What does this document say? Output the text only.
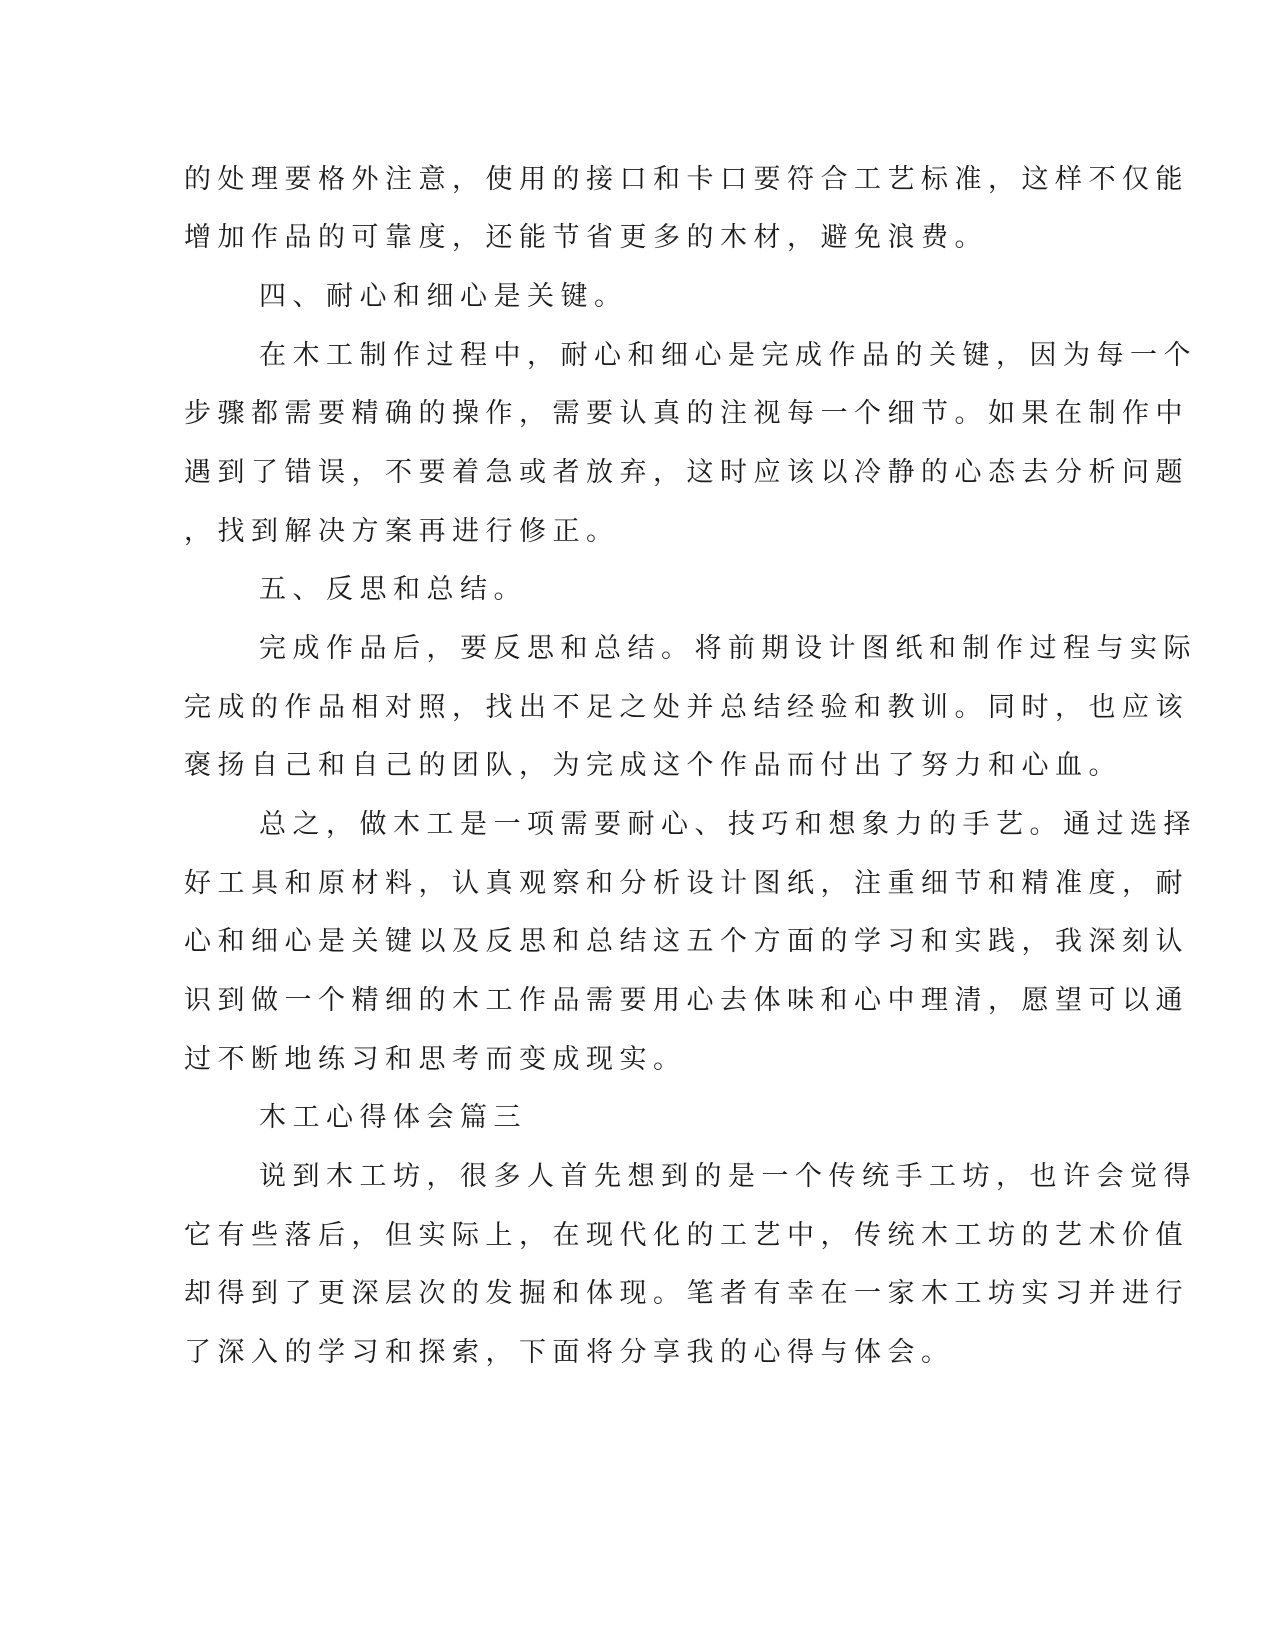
的处理要格外注意，使用的接口和卡口要符合工艺标准，这样不仅能

增加作品的可靠度，还能节省更多的木材，避免浪费。

四、耐心和细心是关键。

在木工制作过程中，耐心和细心是完成作品的关键，因为每一个

步骤都需要精确的操作，需要认真的注视每一个细节。如果在制作中

遇到了错误，不要着急或者放弃，这时应该以冷静的心态去分析问题

，找到解决方案再进行修正。

五、反思和总结。

完成作品后，要反思和总结。将前期设计图纸和制作过程与实际

完成的作品相对照，找出不足之处并总结经验和教训。同时，也应该

褒扬自己和自己的团队，为完成这个作品而付出了努力和心血。

总之，做木工是一项需要耐心、技巧和想象力的手艺。通过选择

好工具和原材料，认真观察和分析设计图纸，注重细节和精准度，耐

心和细心是关键以及反思和总结这五个方面的学习和实践，我深刻认

识到做一个精细的木工作品需要用心去体味和心中理清，愿望可以通

过不断地练习和思考而变成现实。

木工心得体会篇三

说到木工坊，很多人首先想到的是一个传统手工坊，也许会觉得

它有些落后，但实际上，在现代化的工艺中，传统木工坊的艺术价值

却得到了更深层次的发掘和体现。笔者有幸在一家木工坊实习并进行

了深入的学习和探索，下面将分享我的心得与体会。
